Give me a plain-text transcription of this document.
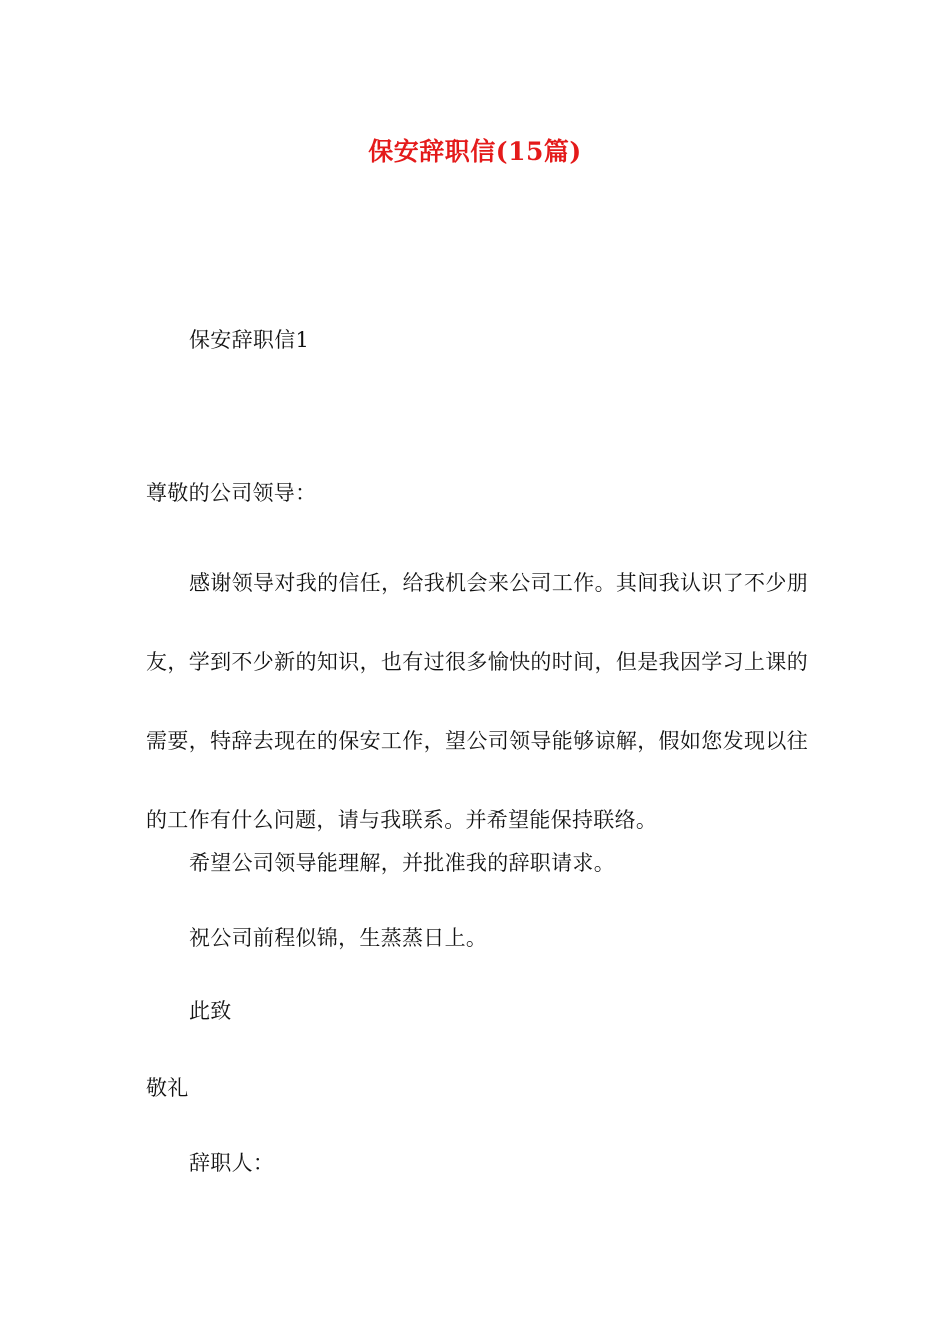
保安辞职信(15篇)
保安辞职信1
尊敬的公司领导：
感谢领导对我的信任，给我机会来公司工作。其间我认识了不少朋友，学到不少新的知识，也有过很多愉快的时间，但是我因学习上课的需要，特辞去现在的保安工作，望公司领导能够谅解，假如您发现以往的工作有什么问题，请与我联系。并希望能保持联络。
希望公司领导能理解，并批准我的辞职请求。
祝公司前程似锦，生蒸蒸日上。
此致
敬礼
辞职人：
